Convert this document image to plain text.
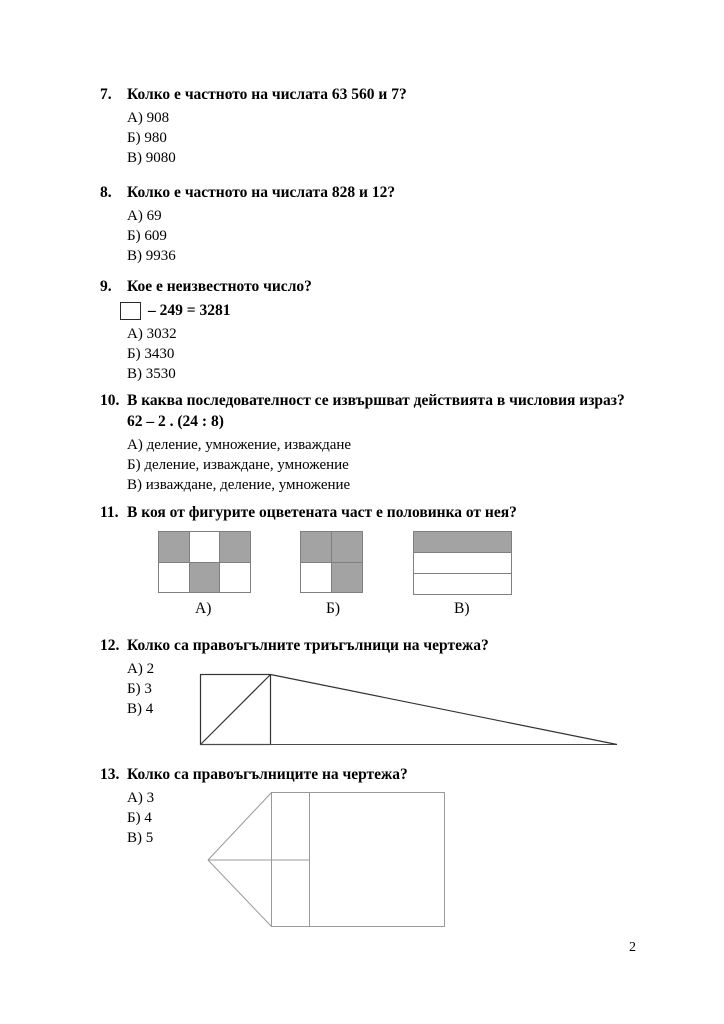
7. Колко е частното на числата 63 560 и 7?
А) 908
Б) 980
В) 9080
8. Колко е частното на числата 828 и 12?
А) 69
Б) 609
В) 9936
9. Кое е неизвестното число?
– 249 = 3281
А) 3032
Б) 3430
В) 3530
10. В каква последователност се извършват действията в числовия израз?
62 – 2 . (24 : 8)
А) деление, умножение, изваждане
Б) деление, изваждане, умножение
В) изваждане, деление, умножение
11. В коя от фигурите оцветената част е половинка от нея?
А)	Б)	В)
12. Колко са правоъгълните триъгълници на чертежа?
А) 2
Б) 3
В) 4
13. Колко са правоъгълниците на чертежа?
А) 3
Б) 4
В) 5
2
